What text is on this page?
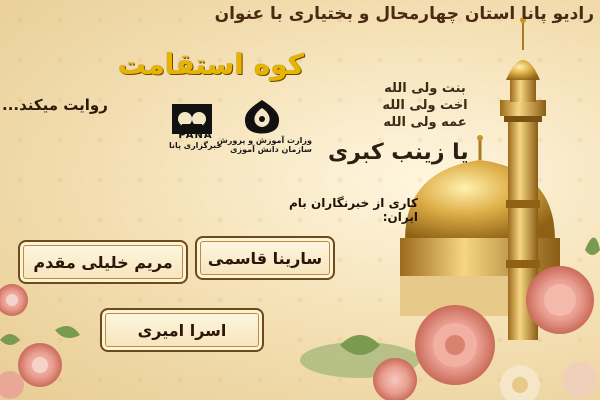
رادیو پانا استان چهارمحال و بختیاری با عنوان
کوه استقامت
روایت میکند...
بنت ولی الله
اخت ولی الله
عمه ولی الله
یا زینب کبری
PANA
خبرگزاری پانا
وزارت آموزش و پرورش
سازمان دانش آموزی
کاری از خبرنگاران بام ایران:
سارینا قاسمی
مریم خلیلی مقدم
اسرا امیری
